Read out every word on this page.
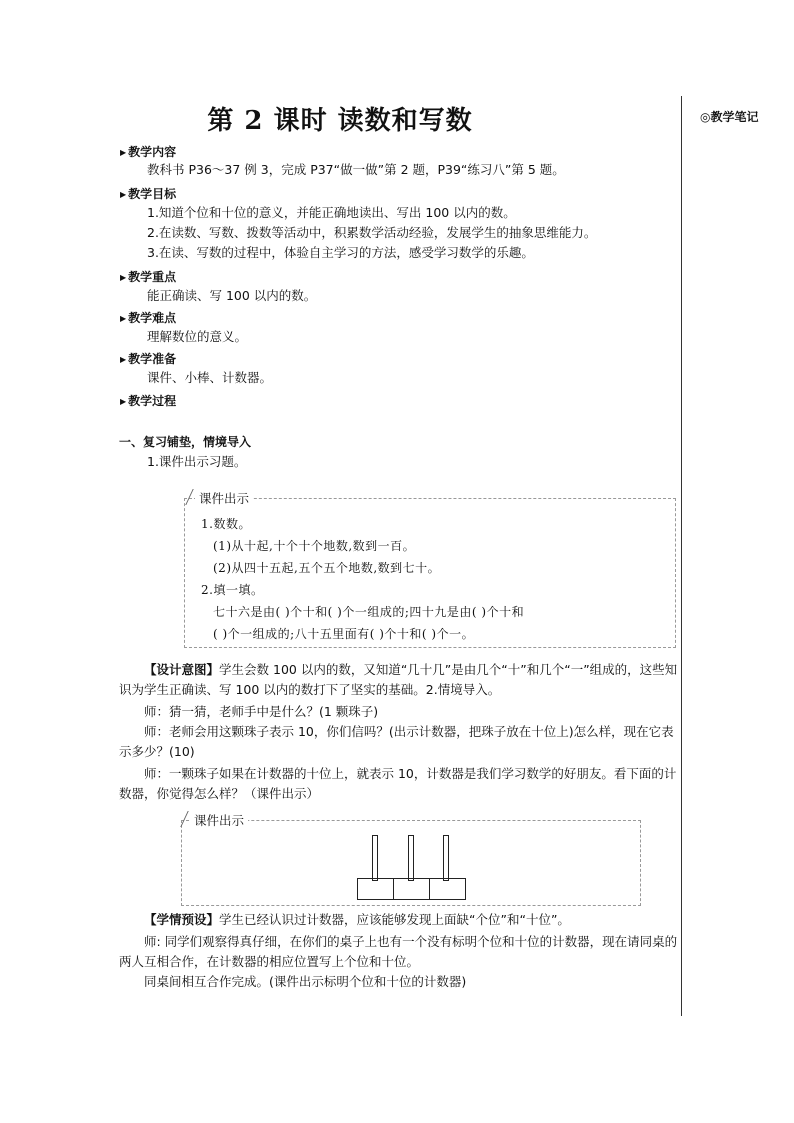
第 2 课时 读数和写数	◎教学笔记
▶ 教学内容
教科书 P36～37 例 3，完成 P37“做一做”第 2 题，P39“练习八”第 5 题。
▶ 教学目标
1.知道个位和十位的意义，并能正确地读出、写出 100 以内的数。
2.在读数、写数、拨数等活动中，积累数学活动经验，发展学生的抽象思维能力。
3.在读、写数的过程中，体验自主学习的方法，感受学习数学的乐趣。
▶ 教学重点
能正确读、写 100 以内的数。
▶ 教学难点
理解数位的意义。
▶ 教学准备
课件、小棒、计数器。
▶ 教学过程
一、复习铺垫，情境导入
1.课件出示习题。
课件出示
1.数数。
(1)从十起,十个十个地数,数到一百。
(2)从四十五起,五个五个地数,数到七十。
2.填一填。
七十六是由( )个十和( )个一组成的;四十九是由( )个十和
( )个一组成的;八十五里面有( )个十和( )个一。
【设计意图】学生会数 100 以内的数，又知道“几十几”是由几个“十”和几个“一”组成的，这些知识为学生正确读、写 100 以内的数打下了坚实的基础。2.情境导入。
师：猜一猜，老师手中是什么？(1 颗珠子)
师：老师会用这颗珠子表示 10，你们信吗？(出示计数器，把珠子放在十位上)怎么样，现在它表示多少？(10)
师：一颗珠子如果在计数器的十位上，就表示 10，计数器是我们学习数学的好朋友。看下面的计数器，你觉得怎么样？（课件出示）
课件出示
【学情预设】学生已经认识过计数器，应该能够发现上面缺“个位”和“十位”。
师: 同学们观察得真仔细，在你们的桌子上也有一个没有标明个位和十位的计数器，现在请同桌的两人互相合作，在计数器的相应位置写上个位和十位。
同桌间相互合作完成。(课件出示标明个位和十位的计数器)
